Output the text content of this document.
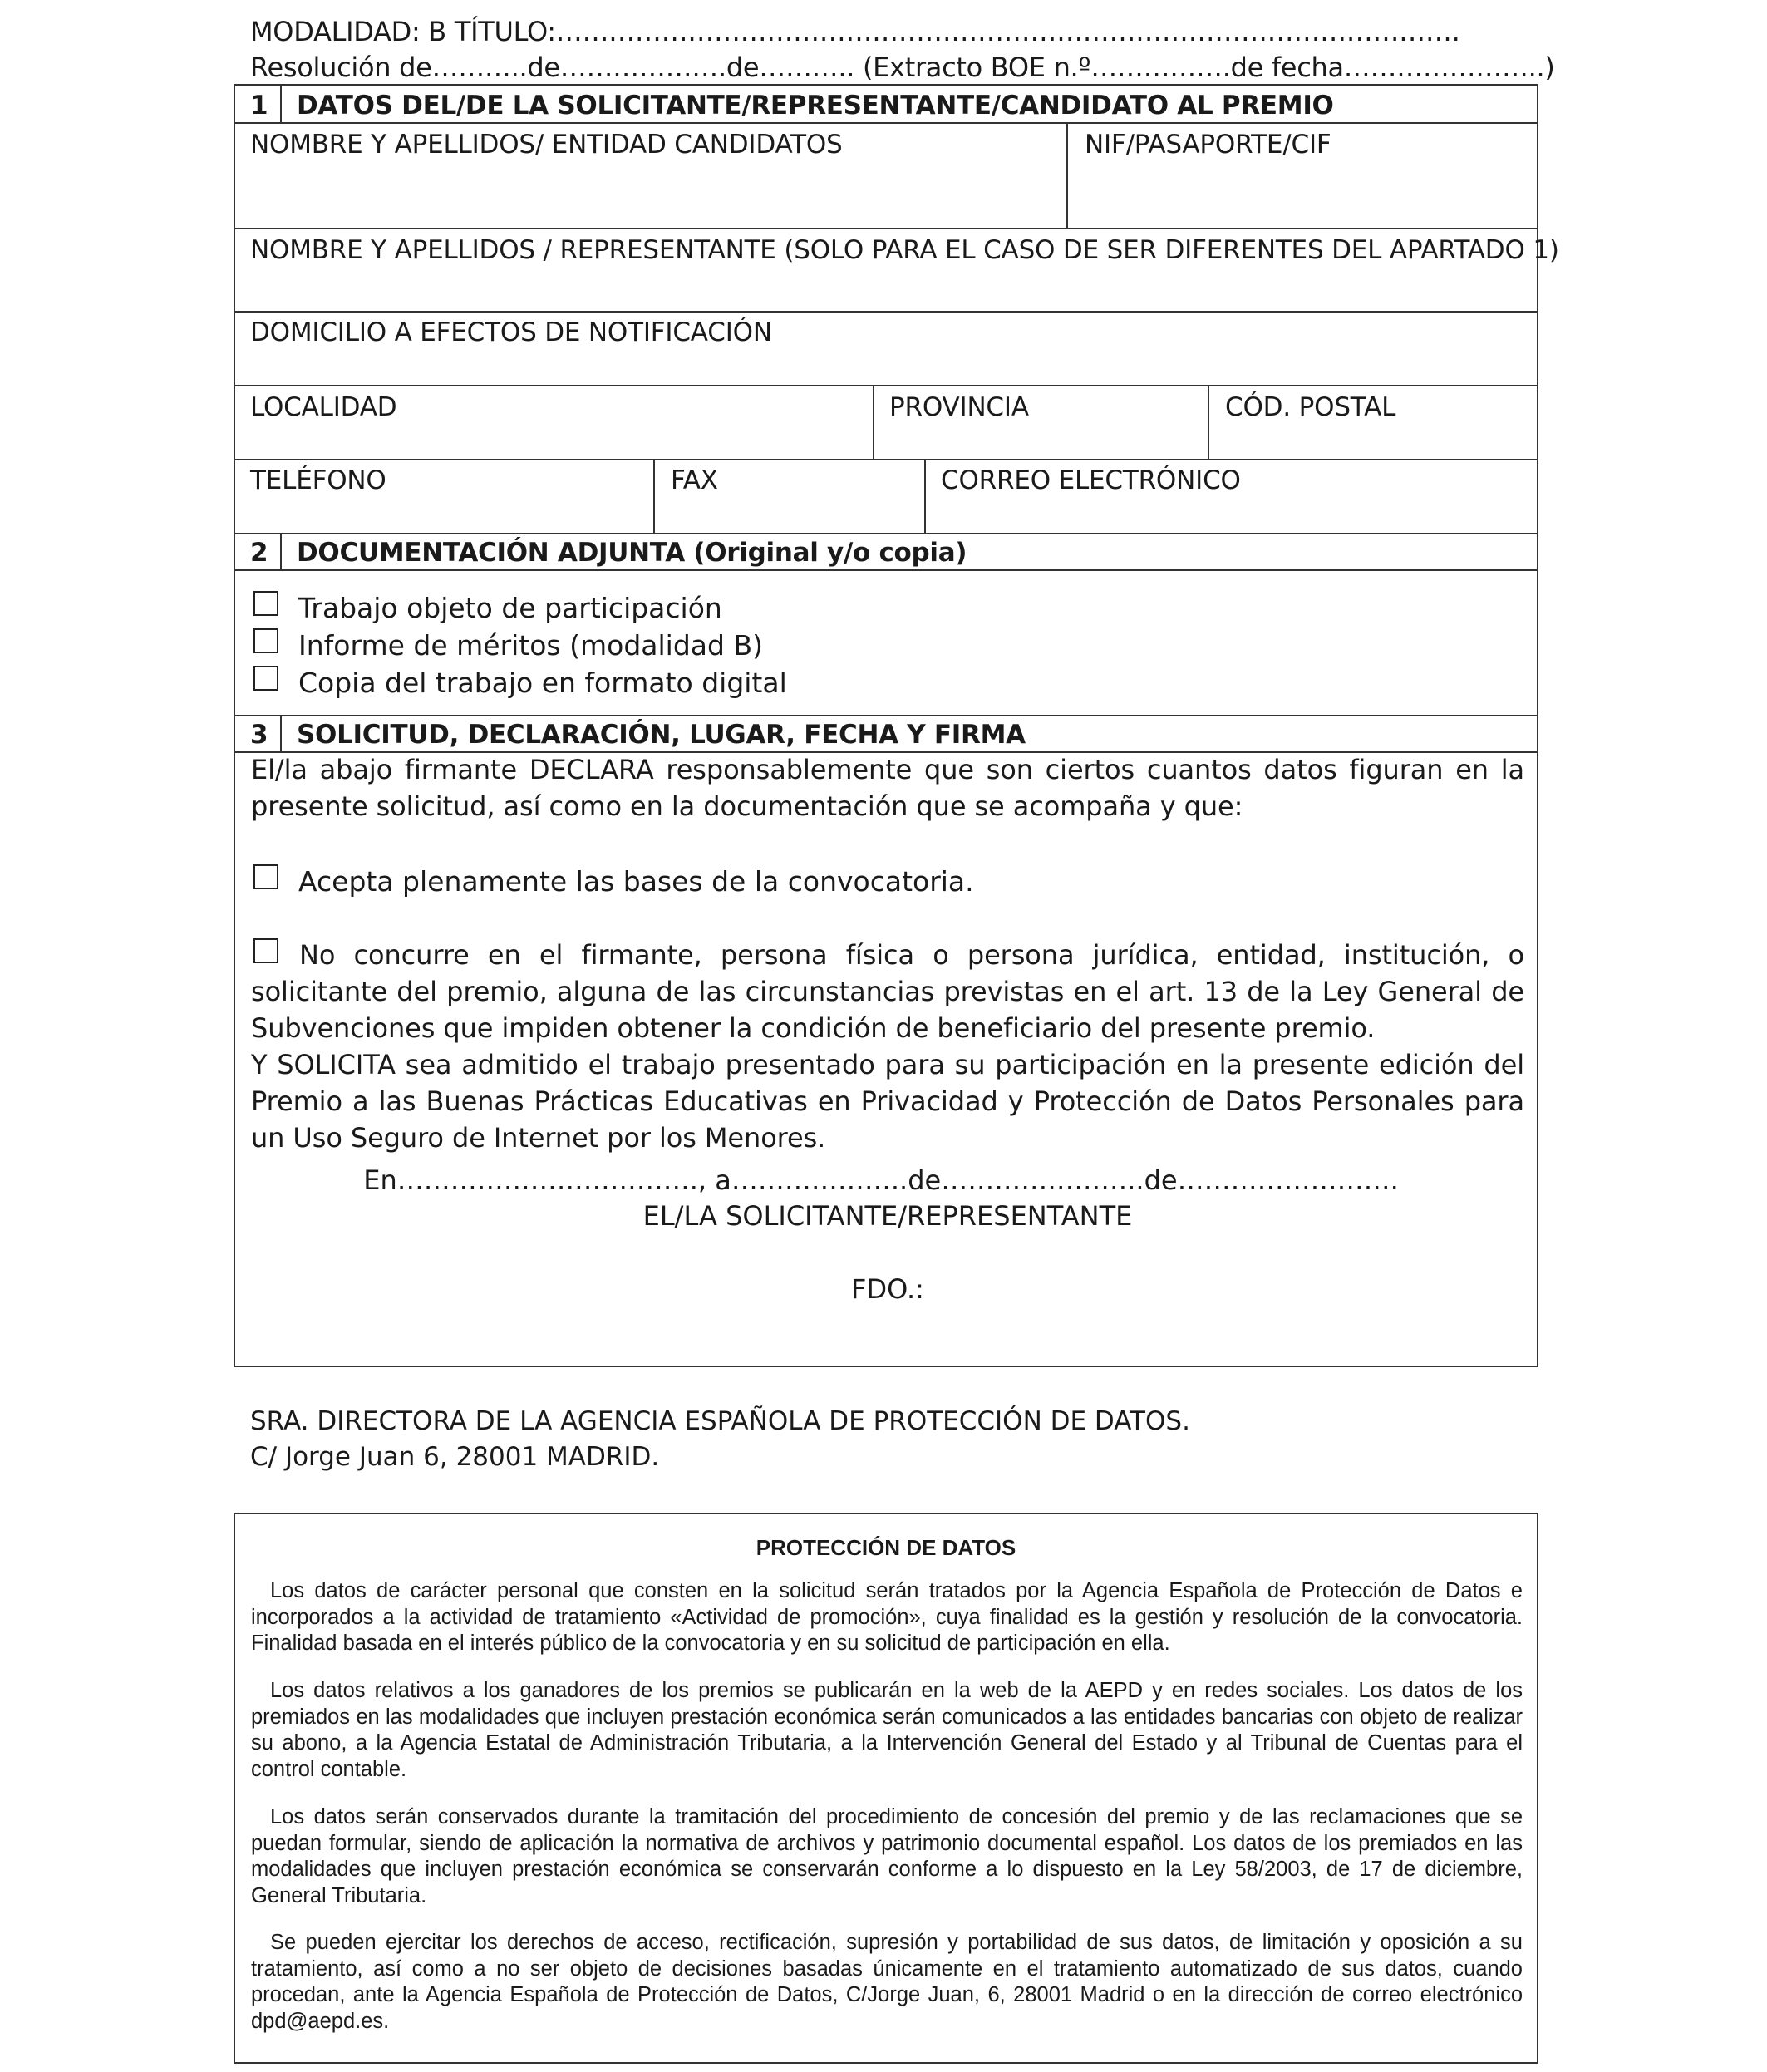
MODALIDAD: B TÍTULO:………………………………………………………………………………………….
Resolución de………..de……………….de……….. (Extracto BOE n.º…………….de fecha…………………..)
1 DATOS DEL/DE LA SOLICITANTE/REPRESENTANTE/CANDIDATO AL PREMIO
NOMBRE Y APELLIDOS/ ENTIDAD CANDIDATOS	NIF/PASAPORTE/CIF
NOMBRE Y APELLIDOS / REPRESENTANTE (SOLO PARA EL CASO DE SER DIFERENTES DEL APARTADO 1)
DOMICILIO A EFECTOS DE NOTIFICACIÓN
LOCALIDAD	PROVINCIA	CÓD. POSTAL
TELÉFONO	FAX	CORREO ELECTRÓNICO
2 DOCUMENTACIÓN ADJUNTA (Original y/o copia)
Trabajo objeto de participación
Informe de méritos (modalidad B)
Copia del trabajo en formato digital
3 SOLICITUD, DECLARACIÓN, LUGAR, FECHA Y FIRMA
El/la abajo firmante DECLARA responsablemente que son ciertos cuantos datos figuran en la presente solicitud, así como en la documentación que se acompaña y que:
Acepta plenamente las bases de la convocatoria.
No concurre en el firmante, persona física o persona jurídica, entidad, institución, o solicitante del premio, alguna de las circunstancias previstas en el art. 13 de la Ley General de Subvenciones que impiden obtener la condición de beneficiario del presente premio.
Y SOLICITA sea admitido el trabajo presentado para su participación en la presente edición del Premio a las Buenas Prácticas Educativas en Privacidad y Protección de Datos Personales para un Uso Seguro de Internet por los Menores.
En……………………………., a………………..de…………………..de…………………….
EL/LA SOLICITANTE/REPRESENTANTE
FDO.:
SRA. DIRECTORA DE LA AGENCIA ESPAÑOLA DE PROTECCIÓN DE DATOS.
C/ Jorge Juan 6, 28001 MADRID.
PROTECCIÓN DE DATOS

Los datos de carácter personal que consten en la solicitud serán tratados por la Agencia Española de Protección de Datos e incorporados a la actividad de tratamiento «Actividad de promoción», cuya finalidad es la gestión y resolución de la convocatoria. Finalidad basada en el interés público de la convocatoria y en su solicitud de participación en ella.

Los datos relativos a los ganadores de los premios se publicarán en la web de la AEPD y en redes sociales. Los datos de los premiados en las modalidades que incluyen prestación económica serán comunicados a las entidades bancarias con objeto de realizar su abono, a la Agencia Estatal de Administración Tributaria, a la Intervención General del Estado y al Tribunal de Cuentas para el control contable.

Los datos serán conservados durante la tramitación del procedimiento de concesión del premio y de las reclamaciones que se puedan formular, siendo de aplicación la normativa de archivos y patrimonio documental español. Los datos de los premiados en las modalidades que incluyen prestación económica se conservarán conforme a lo dispuesto en la Ley 58/2003, de 17 de diciembre, General Tributaria.

Se pueden ejercitar los derechos de acceso, rectificación, supresión y portabilidad de sus datos, de limitación y oposición a su tratamiento, así como a no ser objeto de decisiones basadas únicamente en el tratamiento automatizado de sus datos, cuando procedan, ante la Agencia Española de Protección de Datos, C/Jorge Juan, 6, 28001 Madrid o en la dirección de correo electrónico dpd@aepd.es.
